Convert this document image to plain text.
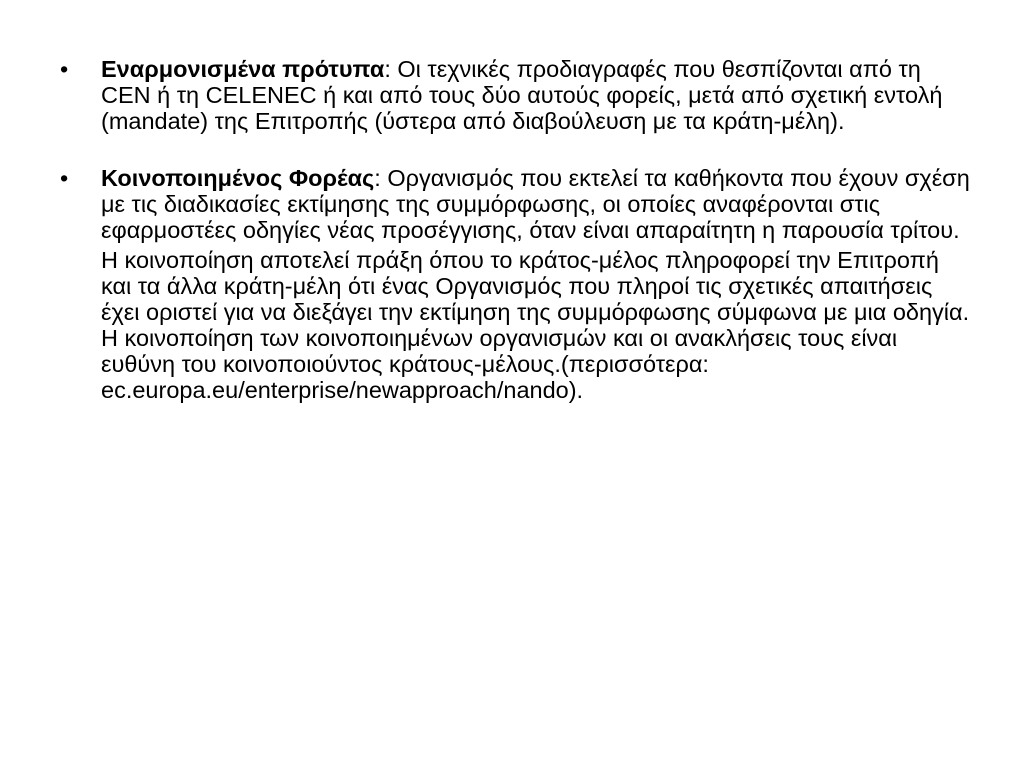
•	Εναρμονισμένα πρότυπα: Οι τεχνικές προδιαγραφές που θεσπίζονται από τη CEN ή τη CELENEC ή και από τους δύο αυτούς φορείς, μετά από σχετική εντολή (mandate) της Επιτροπής (ύστερα από διαβούλευση με τα κράτη-μέλη).

•	Κοινοποιημένος Φορέας: Οργανισμός που εκτελεί τα καθήκοντα που έχουν σχέση με τις διαδικασίες εκτίμησης της συμμόρφωσης, οι οποίες αναφέρονται στις εφαρμοστέες οδηγίες νέας προσέγγισης, όταν είναι απαραίτητη η παρουσία τρίτου.

Η κοινοποίηση αποτελεί πράξη όπου το κράτος-μέλος πληροφορεί την Επιτροπή και τα άλλα κράτη-μέλη ότι ένας Οργανισμός που πληροί τις σχετικές απαιτήσεις έχει οριστεί για να διεξάγει την εκτίμηση της συμμόρφωσης σύμφωνα με μια οδηγία. Η κοινοποίηση των κοινοποιημένων οργανισμών και οι ανακλήσεις τους είναι ευθύνη του κοινοποιούντος κράτους-μέλους.(περισσότερα: ec.europa.eu/enterprise/newapproach/nando).
